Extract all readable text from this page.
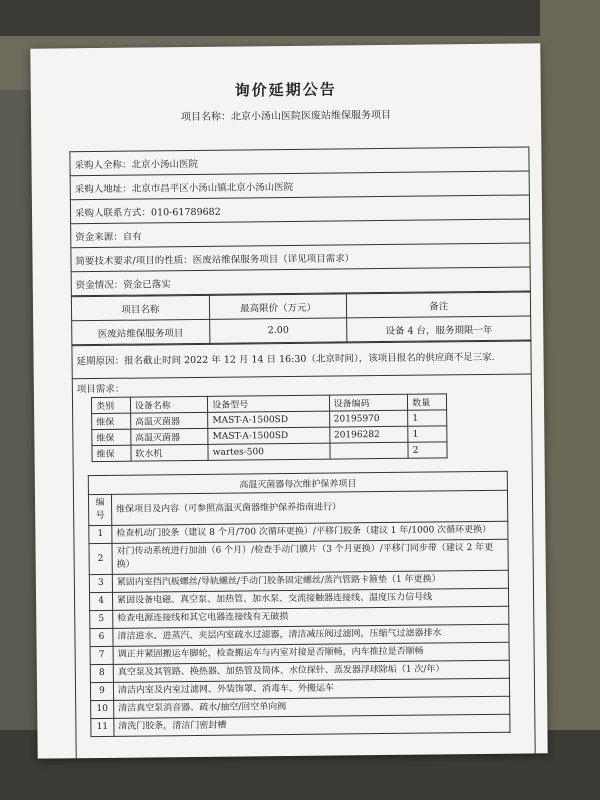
询价延期公告
项目名称：北京小汤山医院医废站维保服务项目
采购人全称：北京小汤山医院
采购人地址：北京市昌平区小汤山镇北京小汤山医院
采购人联系方式：010-61789682
资金来源：自有
简要技术要求/项目的性质：医废站维保服务项目（详见项目需求）
资金情况：资金已落实
项目名称	最高限价（万元）	备注
医废站维保服务项目	2.00	设备 4 台，服务期限一年
延期原因：报名截止时间 2022 年 12 月 14 日 16:30（北京时间），该项目报名的供应商不足三家.

项目需求：
类别	设备名称	设备型号	设备编码	数量
维保	高温灭菌器	MAST-A-1500SD	20195970	1
维保	高温灭菌器	MAST-A-1500SD	20196282	1
维保	软水机	wartes-500		2
高温灭菌器每次维护保养项目
编号	维保项目及内容（可参照高温灭菌器维护保养指南进行）
1	检查机动门胶条（建议 8 个月/700 次循环更换）/平移门胶条（建议 1 年/1000 次循环更换）
2	对门传动系统进行加油（6 个月）/检查手动门膜片（3 个月更换）/平移门同步带（建议 2 年更换）
3	紧固内室挡汽板螺丝/导轨螺丝/手动门胶条固定螺丝/蒸汽管路卡箍垫（1 年更换）
4	紧固设备电磁、真空泵、加热管、加水泵、交流接触器连接线、温度压力信号线
5	检查电源连接线和其它电器连接线有无破损
6	清洁进水、进蒸汽、夹层内室疏水过滤器，清洁减压阀过滤网，压缩气过滤器排水
7	调正并紧固搬运车脚轮，检查搬运车与内室对接是否顺畅，内车推拉是否顺畅
8	真空泵及其管路、换热器、加热管及筒体、水位探针、蒸发器浮球除垢（1 次/年）
9	清洁内室及内室过滤网、外装饰罩、消毒车、外搬运车
10	清洁真空泵消音器、疏水/抽空/回空单向阀
11	清洗门胶条，清洁门密封槽
